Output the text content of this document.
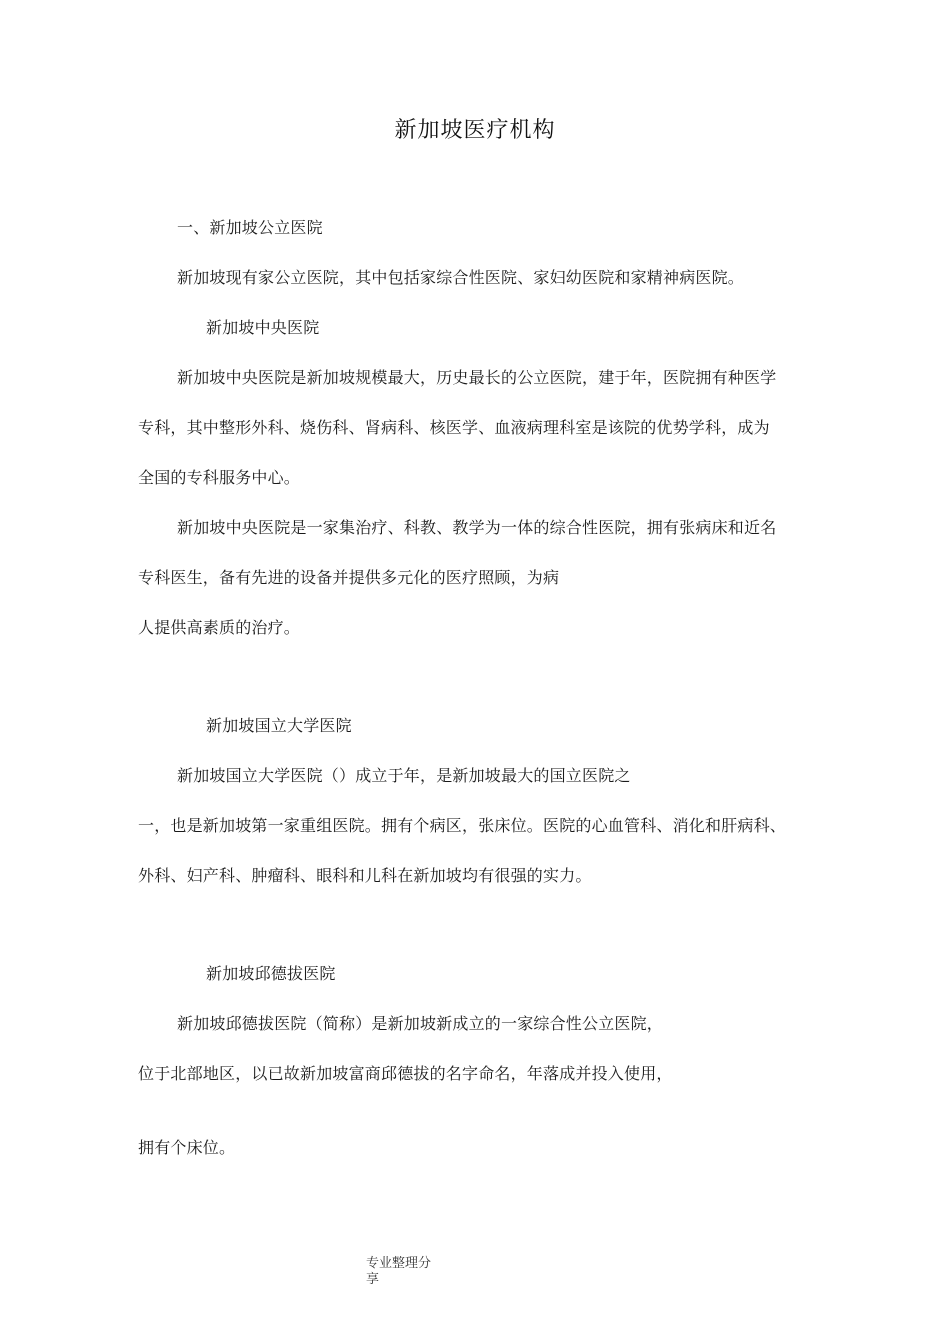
新加坡医疗机构
一、新加坡公立医院
新加坡现有家公立医院，其中包括家综合性医院、家妇幼医院和家精神病医院。
新加坡中央医院
新加坡中央医院是新加坡规模最大，历史最长的公立医院，建于年，医院拥有种医学
专科，其中整形外科、烧伤科、肾病科、核医学、血液病理科室是该院的优势学科，成为
全国的专科服务中心。
新加坡中央医院是一家集治疗、科教、教学为一体的综合性医院，拥有张病床和近名
专科医生，备有先进的设备并提供多元化的医疗照顾，为病
人提供高素质的治疗。
新加坡国立大学医院
新加坡国立大学医院（）成立于年，是新加坡最大的国立医院之
一，也是新加坡第一家重组医院。拥有个病区，张床位。医院的心血管科、消化和肝病科、
外科、妇产科、肿瘤科、眼科和儿科在新加坡均有很强的实力。
新加坡邱德拔医院
新加坡邱德拔医院（简称）是新加坡新成立的一家综合性公立医院，
位于北部地区，以已故新加坡富商邱德拔的名字命名，年落成并投入使用，
拥有个床位。
专业整理分享
